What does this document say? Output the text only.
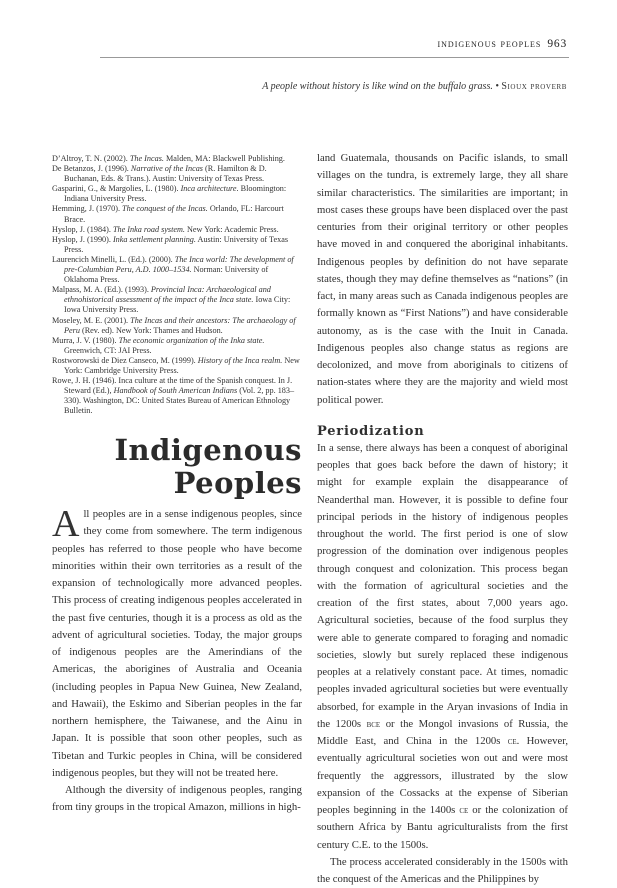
indigenous peoples 963
A people without history is like wind on the buffalo grass. • Sioux proverb

D’Altroy, T. N. (2002). The Incas. Malden, MA: Blackwell Publishing.

De Betanzos, J. (1996). Narrative of the Incas (R. Hamilton & D. Buchanan, Eds. & Trans.). Austin: University of Texas Press.

Gasparini, G., & Margolies, L. (1980). Inca architecture. Bloomington: Indiana University Press.

Hemming, J. (1970). The conquest of the Incas. Orlando, FL: Harcourt Brace.

Hyslop, J. (1984). The Inka road system. New York: Academic Press.

Hyslop, J. (1990). Inka settlement planning. Austin: University of Texas Press.

Laurencich Minelli, L. (Ed.). (2000). The Inca world: The development of pre-Columbian Peru, A.D. 1000–1534. Norman: University of Oklahoma Press.

Malpass, M. A. (Ed.). (1993). Provincial Inca: Archaeological and ethnohistorical assessment of the impact of the Inca state. Iowa City: Iowa University Press.

Moseley, M. E. (2001). The Incas and their ancestors: The archaeology of Peru (Rev. ed). New York: Thames and Hudson.

Murra, J. V. (1980). The economic organization of the Inka state. Greenwich, CT: JAI Press.

Rostworowski de Diez Canseco, M. (1999). History of the Inca realm. New York: Cambridge University Press.

Rowe, J. H. (1946). Inca culture at the time of the Spanish conquest. In J. Steward (Ed.), Handbook of South American Indians (Vol. 2, pp. 183–330). Washington, DC: United States Bureau of American Ethnology Bulletin.

Indigenous
Peoples

All peoples are in a sense indigenous peoples, since they come from somewhere. The term indigenous peoples has referred to those people who have become minorities within their own territories as a result of the expansion of technologically more advanced peoples. This process of creating indigenous peoples accelerated in the past five centuries, though it is a process as old as the advent of agricultural societies. Today, the major groups of indigenous peoples are the Amerindians of the Americas, the aborigines of Australia and Oceania (including peoples in Papua New Guinea, New Zealand, and Hawaii), the Eskimo and Siberian peoples in the far northern hemisphere, the Taiwanese, and the Ainu in Japan. It is possible that soon other peoples, such as Tibetan and Turkic peoples in China, will be considered indigenous peoples, but they will not be treated here.

Although the diversity of indigenous peoples, ranging from tiny groups in the tropical Amazon, millions in high-

land Guatemala, thousands on Pacific islands, to small villages on the tundra, is extremely large, they all share similar characteristics. The similarities are important; in most cases these groups have been displaced over the past centuries from their original territory or other peoples have moved in and conquered the aboriginal inhabitants. Indigenous peoples by definition do not have separate states, though they may define themselves as “nations” (in fact, in many areas such as Canada indigenous peoples are formally known as “First Nations”) and have considerable autonomy, as is the case with the Inuit in Canada. Indigenous peoples also change status as regions are decolonized, and move from aboriginals to citizens of nation-states where they are the majority and wield most political power.

Periodization

In a sense, there always has been a conquest of aboriginal peoples that goes back before the dawn of history; it might for example explain the disappearance of Neanderthal man. However, it is possible to define four principal periods in the history of indigenous peoples throughout the world. The first period is one of slow progression of the domination over indigenous peoples through conquest and colonization. This process began with the formation of agricultural societies and the creation of the first states, about 7,000 years ago. Agricultural societies, because of the food surplus they were able to generate compared to foraging and nomadic societies, slowly but surely replaced these indigenous peoples at a relatively constant pace. At times, nomadic peoples invaded agricultural societies but were eventually absorbed, for example in the Aryan invasions of India in the 1200s bce or the Mongol invasions of Russia, the Middle East, and China in the 1200s ce. However, eventually agricultural societies won out and were most frequently the aggressors, illustrated by the slow expansion of the Cossacks at the expense of Siberian peoples beginning in the 1400s ce or the colonization of southern Africa by Bantu agriculturalists from the first century C.E. to the 1500s.

The process accelerated considerably in the 1500s with the conquest of the Americas and the Philippines by
